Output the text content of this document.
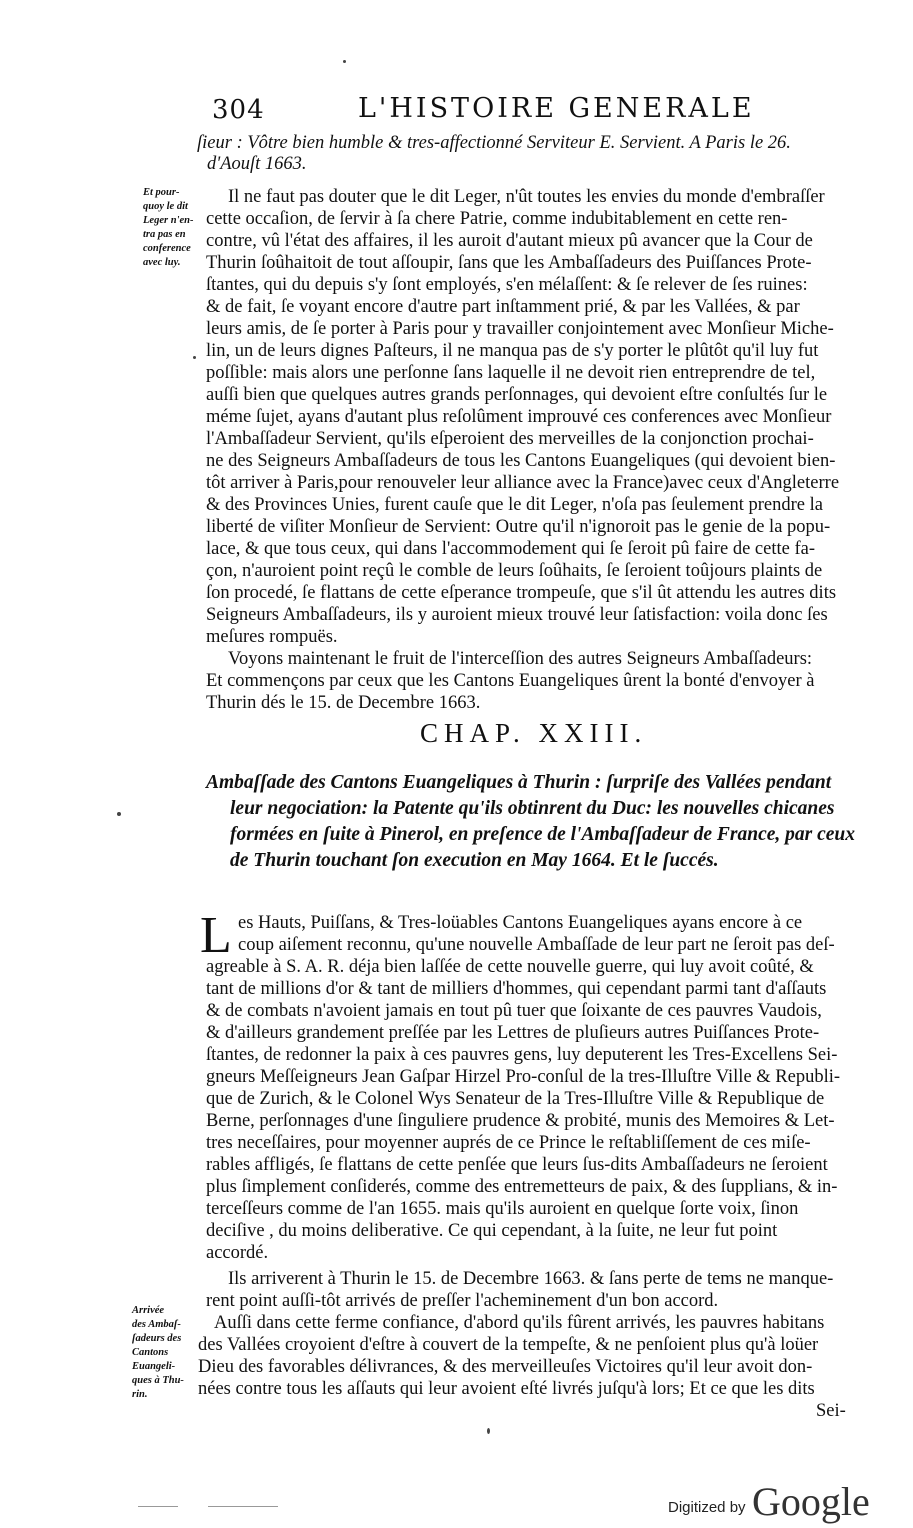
304	L'HISTOIRE GENERALE
ſieur : Vôtre bien humble & tres-affectionné Serviteur E. Servient. A Paris le 26.
d'Aouſt 1663.
Et pour-
quoy le dit
Leger n'en-
tra pas en
conference
avec luy.
Il ne faut pas douter que le dit Leger, n'ût toutes les envies du monde d'embraſſer
cette occaſion, de ſervir à ſa chere Patrie, comme indubitablement en cette ren-
contre, vû l'état des affaires, il les auroit d'autant mieux pû avancer que la Cour de
Thurin ſoûhaitoit de tout aſſoupir, ſans que les Ambaſſadeurs des Puiſſances Prote-
ſtantes, qui du depuis s'y ſont employés, s'en mélaſſent: & ſe relever de ſes ruines:
& de fait, ſe voyant encore d'autre part inſtamment prié, & par les Vallées, & par
leurs amis, de ſe porter à Paris pour y travailler conjointement avec Monſieur Miche-
lin, un de leurs dignes Paſteurs, il ne manqua pas de s'y porter le plûtôt qu'il luy fut
poſſible: mais alors une perſonne ſans laquelle il ne devoit rien entreprendre de tel,
auſſi bien que quelques autres grands perſonnages, qui devoient eſtre conſultés ſur le
méme ſujet, ayans d'autant plus reſolûment improuvé ces conferences avec Monſieur
l'Ambaſſadeur Servient, qu'ils eſperoient des merveilles de la conjonction prochai-
ne des Seigneurs Ambaſſadeurs de tous les Cantons Euangeliques (qui devoient bien-
tôt arriver à Paris,pour renouveler leur alliance avec la France)avec ceux d'Angleterre
& des Provinces Unies, furent cauſe que le dit Leger, n'oſa pas ſeulement prendre la
liberté de viſiter Monſieur de Servient: Outre qu'il n'ignoroit pas le genie de la popu-
lace, & que tous ceux, qui dans l'accommodement qui ſe ſeroit pû faire de cette fa-
çon, n'auroient point reçû le comble de leurs ſoûhaits, ſe ſeroient toûjours plaints de
ſon procedé, ſe flattans de cette eſperance trompeuſe, que s'il ût attendu les autres dits
Seigneurs Ambaſſadeurs, ils y auroient mieux trouvé leur ſatisfaction: voila donc ſes
meſures rompuës.
Voyons maintenant le fruit de l'interceſſion des autres Seigneurs Ambaſſadeurs:
Et commençons par ceux que les Cantons Euangeliques ûrent la bonté d'envoyer à
Thurin dés le 15. de Decembre 1663.
CHAP. XXIII.
Ambaſſade des Cantons Euangeliques à Thurin : ſurpriſe des Vallées pendant
leur negociation: la Patente qu'ils obtinrent du Duc: les nouvelles chicanes
formées en ſuite à Pinerol, en preſence de l'Ambaſſadeur de France, par ceux
de Thurin touchant ſon execution en May 1664. Et le ſuccés.
L es Hauts, Puiſſans, & Tres-loüables Cantons Euangeliques ayans encore à ce
coup aiſement reconnu, qu'une nouvelle Ambaſſade de leur part ne ſeroit pas deſ-
agreable à S. A. R. déja bien laſſée de cette nouvelle guerre, qui luy avoit coûté, &
tant de millions d'or & tant de milliers d'hommes, qui cependant parmi tant d'aſſauts
& de combats n'avoient jamais en tout pû tuer que ſoixante de ces pauvres Vaudois,
& d'ailleurs grandement preſſée par les Lettres de pluſieurs autres Puiſſances Prote-
ſtantes, de redonner la paix à ces pauvres gens, luy deputerent les Tres-Excellens Sei-
gneurs Meſſeigneurs Jean Gaſpar Hirzel Pro-conſul de la tres-Illuſtre Ville & Republi-
que de Zurich, & le Colonel Wys Senateur de la Tres-Illuſtre Ville & Republique de
Berne, perſonnages d'une ſinguliere prudence & probité, munis des Memoires & Let-
tres neceſſaires, pour moyenner auprés de ce Prince le reſtabliſſement de ces miſe-
rables affligés, ſe flattans de cette penſée que leurs ſus-dits Ambaſſadeurs ne ſeroient
plus ſimplement conſiderés, comme des entremetteurs de paix, & des ſupplians, & in-
terceſſeurs comme de l'an 1655. mais qu'ils auroient en quelque ſorte voix, ſinon
deciſive , du moins deliberative. Ce qui cependant, à la ſuite, ne leur fut point
accordé.
Arrivée
des Ambaſ-
ſadeurs des
Cantons
Euangeli-
ques à Thu-
rin.
Ils arriverent à Thurin le 15. de Decembre 1663. & ſans perte de tems ne manque-
rent point auſſi-tôt arrivés de preſſer l'acheminement d'un bon accord.
Auſſi dans cette ferme confiance, d'abord qu'ils fûrent arrivés, les pauvres habitans
des Vallées croyoient d'eſtre à couvert de la tempeſte, & ne penſoient plus qu'à loüer
Dieu des favorables délivrances, & des merveilleuſes Victoires qu'il leur avoit don-
nées contre tous les aſſauts qui leur avoient eſté livrés juſqu'à lors; Et ce que les dits
Sei-
Digitized by Google
